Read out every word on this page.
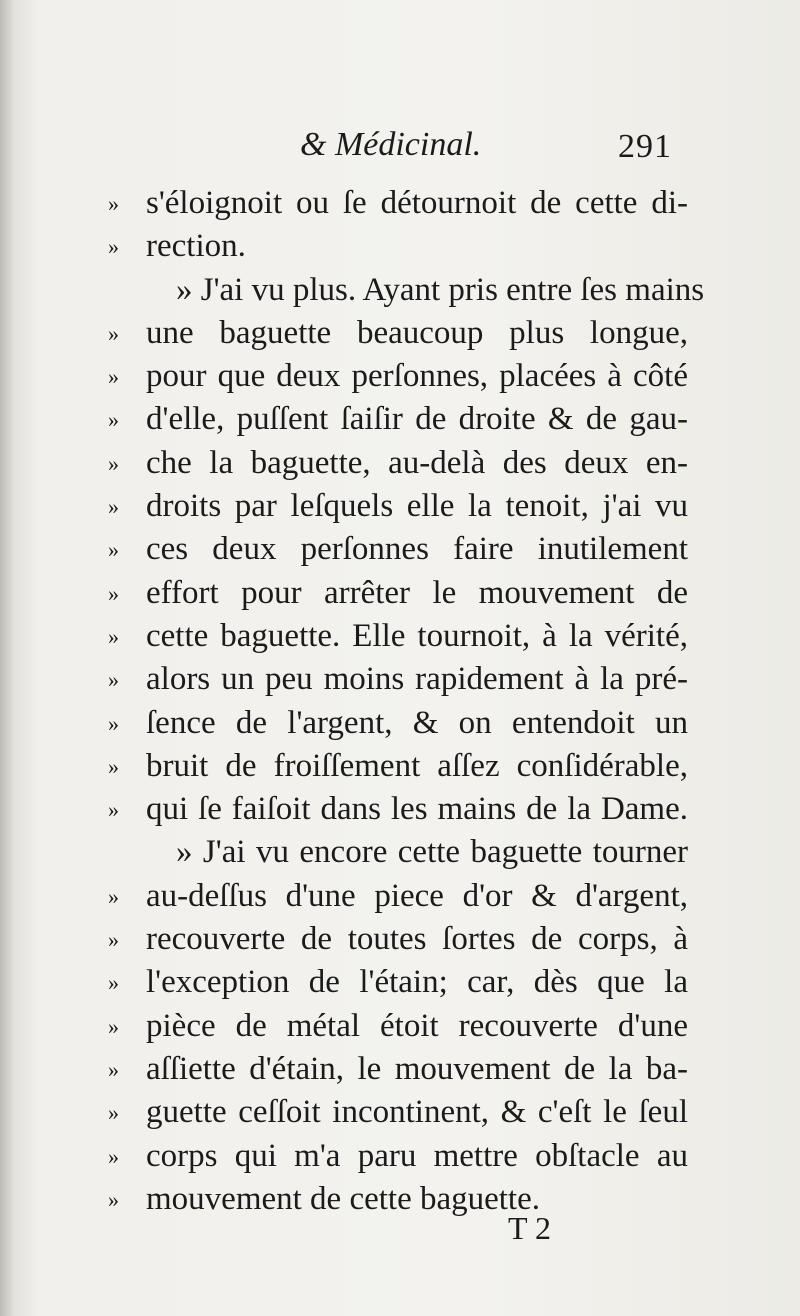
& Médicinal.	291
» s'éloignoit ou ſe détournoit de cette di-
» rection.
» J'ai vu plus. Ayant pris entre ſes mains
» une baguette beaucoup plus longue,
» pour que deux perſonnes, placées à côté
» d'elle, puſſent ſaiſir de droite & de gau-
» che la baguette, au-delà des deux en-
» droits par leſquels elle la tenoit, j'ai vu
» ces deux perſonnes faire inutilement
» effort pour arrêter le mouvement de
» cette baguette. Elle tournoit, à la vérité,
» alors un peu moins rapidement à la pré-
» ſence de l'argent, & on entendoit un
» bruit de froiſſement aſſez conſidérable,
» qui ſe faiſoit dans les mains de la Dame.
» J'ai vu encore cette baguette tourner
» au-deſſus d'une piece d'or & d'argent,
» recouverte de toutes ſortes de corps, à
» l'exception de l'étain; car, dès que la
» pièce de métal étoit recouverte d'une
» aſſiette d'étain, le mouvement de la ba-
» guette ceſſoit incontinent, & c'eſt le ſeul
» corps qui m'a paru mettre obſtacle au
» mouvement de cette baguette.
T 2
